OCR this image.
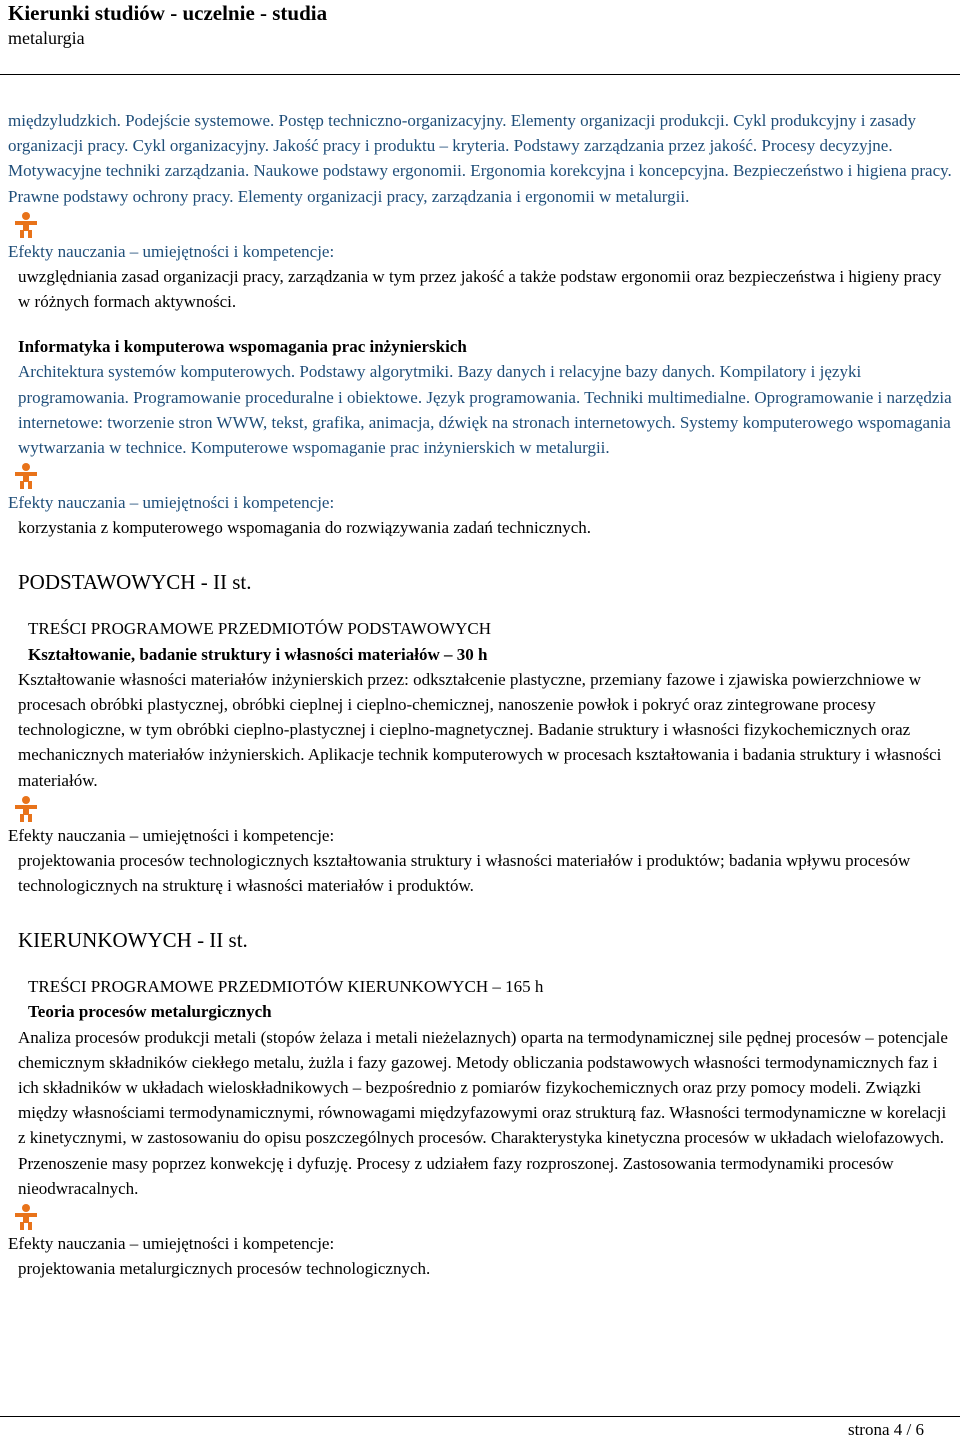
Kierunki studiów - uczelnie - studia
metalurgia

międzyludzkich. Podejście systemowe. Postęp techniczno-organizacyjny. Elementy organizacji produkcji. Cykl produkcyjny i zasady organizacji pracy. Cykl organizacyjny. Jakość pracy i produktu – kryteria. Podstawy zarządzania przez jakość. Procesy decyzyjne. Motywacyjne techniki zarządzania. Naukowe podstawy ergonomii. Ergonomia korekcyjna i koncepcyjna. Bezpieczeństwo i higiena pracy. Prawne podstawy ochrony pracy. Elementy organizacji pracy, zarządzania i ergonomii w metalurgii.

Efekty nauczania – umiejętności i kompetencje:

uwzględniania zasad organizacji pracy, zarządzania w tym przez jakość a także podstaw ergonomii oraz bezpieczeństwa i higieny pracy w różnych formach aktywności.

Informatyka i komputerowa wspomagania prac inżynierskich

Architektura systemów komputerowych. Podstawy algorytmiki. Bazy danych i relacyjne bazy danych. Kompilatory i języki programowania. Programowanie proceduralne i obiektowe. Język programowania. Techniki multimedialne. Oprogramowanie i narzędzia internetowe: tworzenie stron WWW, tekst, grafika, animacja, dźwięk na stronach internetowych. Systemy komputerowego wspomagania wytwarzania w technice. Komputerowe wspomaganie prac inżynierskich w metalurgii.

Efekty nauczania – umiejętności i kompetencje:

korzystania z komputerowego wspomagania do rozwiązywania zadań technicznych.

PODSTAWOWYCH - II st.

TREŚCI PROGRAMOWE PRZEDMIOTÓW PODSTAWOWYCH

Kształtowanie, badanie struktury i własności materiałów – 30 h

Kształtowanie własności materiałów inżynierskich przez: odkształcenie plastyczne, przemiany fazowe i zjawiska powierzchniowe w procesach obróbki plastycznej, obróbki cieplnej i cieplno-chemicznej, nanoszenie powłok i pokryć oraz zintegrowane procesy technologiczne, w tym obróbki cieplno-plastycznej i cieplno-magnetycznej. Badanie struktury i własności fizykochemicznych oraz mechanicznych materiałów inżynierskich. Aplikacje technik komputerowych w procesach kształtowania i badania struktury i własności materiałów.

Efekty nauczania – umiejętności i kompetencje:

projektowania procesów technologicznych kształtowania struktury i własności materiałów i produktów; badania wpływu procesów technologicznych na strukturę i własności materiałów i produktów.

KIERUNKOWYCH - II st.

TREŚCI PROGRAMOWE PRZEDMIOTÓW KIERUNKOWYCH – 165 h

Teoria procesów metalurgicznych

Analiza procesów produkcji metali (stopów żelaza i metali nieżelaznych) oparta na termodynamicznej sile pędnej procesów – potencjale chemicznym składników ciekłego metalu, żużla i fazy gazowej. Metody obliczania podstawowych własności termodynamicznych faz i ich składników w układach wieloskładnikowych – bezpośrednio z pomiarów fizykochemicznych oraz przy pomocy modeli. Związki między własnościami termodynamicznymi, równowagami międzyfazowymi oraz strukturą faz. Własności termodynamiczne w korelacji z kinetycznymi, w zastosowaniu do opisu poszczególnych procesów. Charakterystyka kinetyczna procesów w układach wielofazowych. Przenoszenie masy poprzez konwekcję i dyfuzję. Procesy z udziałem fazy rozproszonej. Zastosowania termodynamiki procesów nieodwracalnych.

Efekty nauczania – umiejętności i kompetencje:

projektowania metalurgicznych procesów technologicznych.

strona 4 / 6
